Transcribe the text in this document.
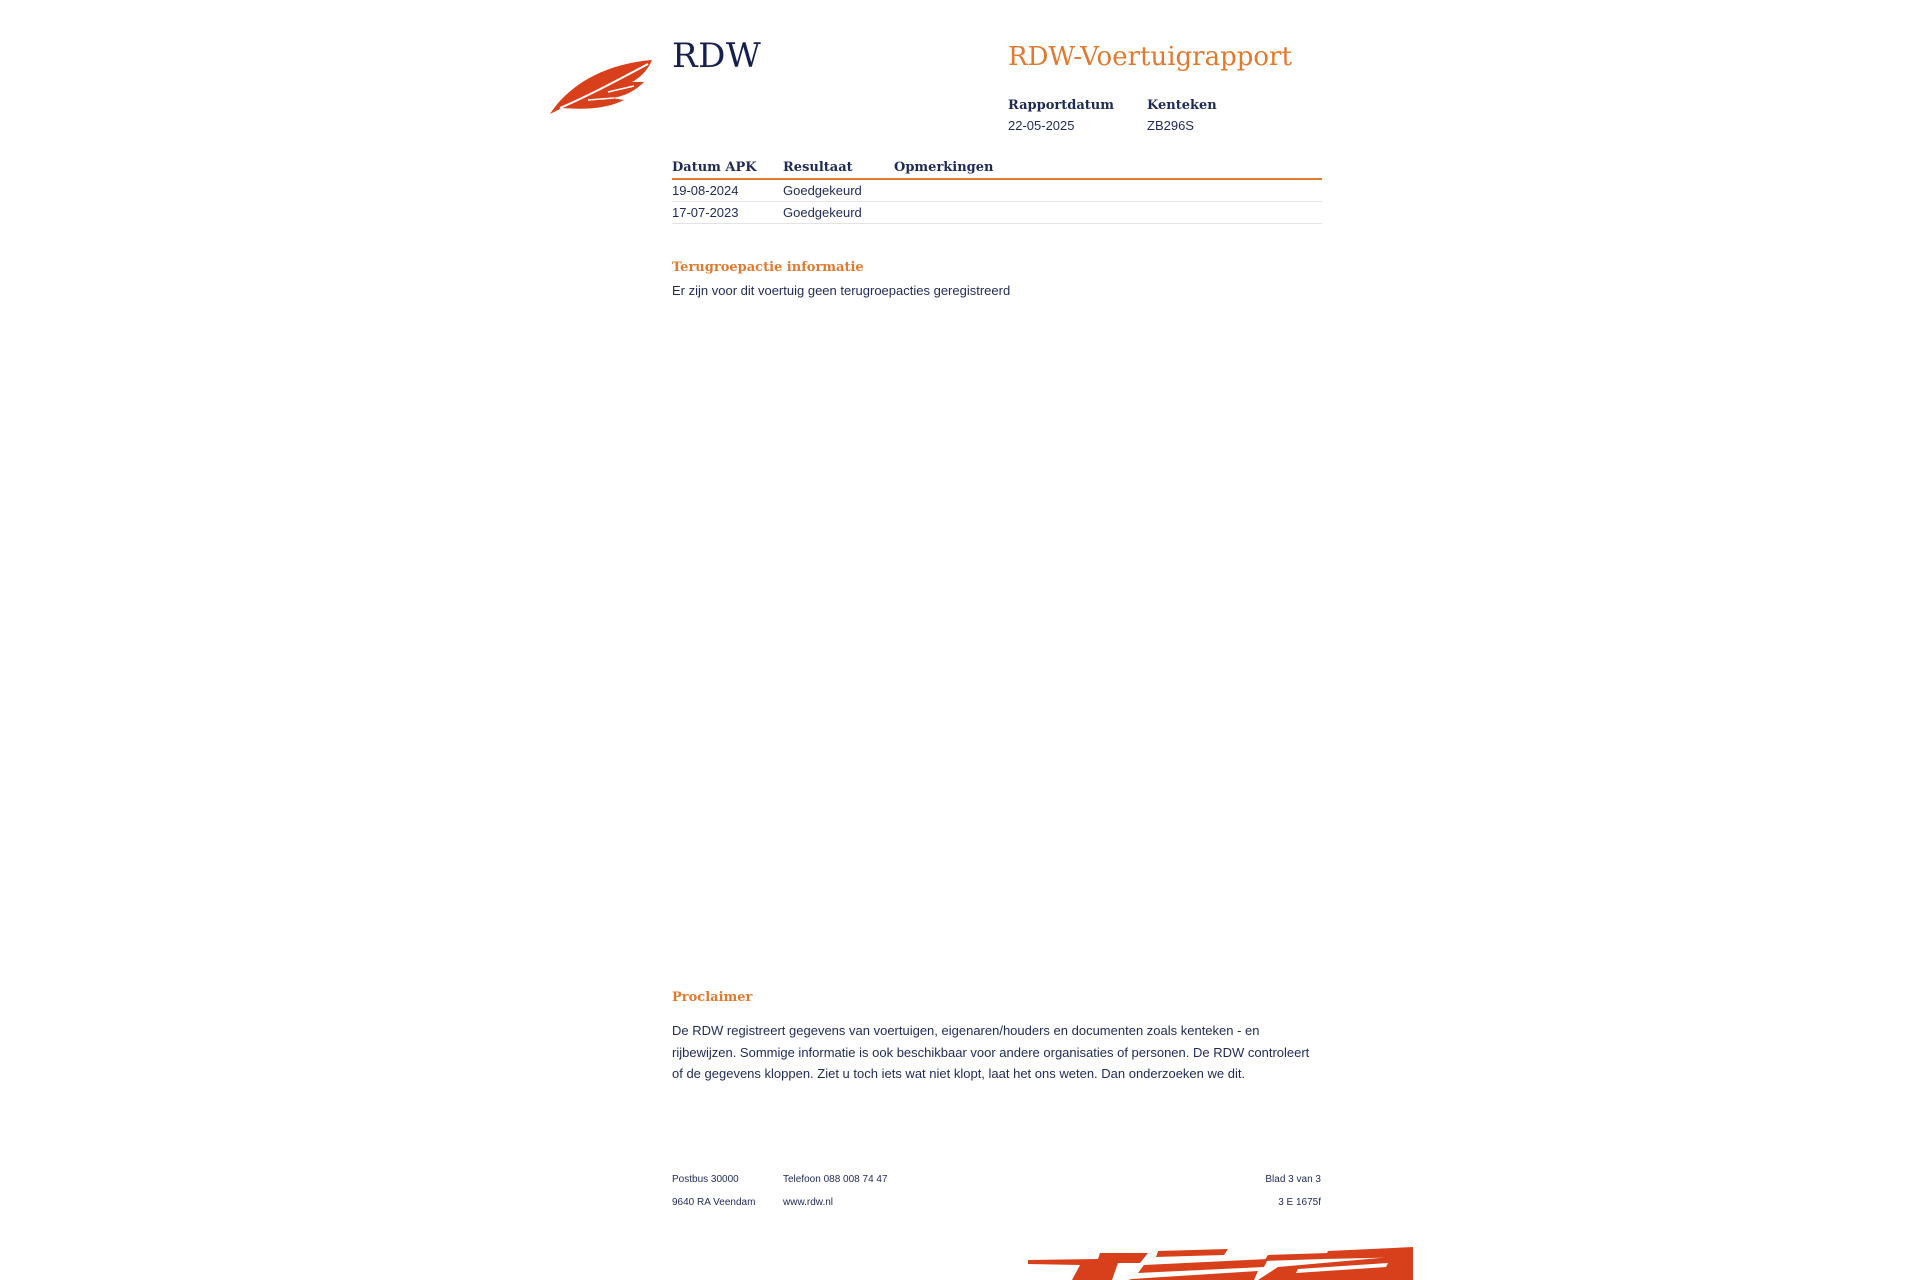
RDW	RDW-Voertuigrapport
Rapportdatum
22-05-2025
Kenteken
ZB296S
Datum APK	Resultaat	Opmerkingen
19-08-2024	Goedgekeurd	
17-07-2023	Goedgekeurd	
Terugroepactie informatie
Er zijn voor dit voertuig geen terugroepacties geregistreerd
Proclaimer
De RDW registreert gegevens van voertuigen, eigenaren/houders en documenten zoals kenteken - en rijbewijzen. Sommige informatie is ook beschikbaar voor andere organisaties of personen. De RDW controleert of de gegevens kloppen. Ziet u toch iets wat niet klopt, laat het ons weten. Dan onderzoeken we dit.
Postbus 30000
9640 RA Veendam
Telefoon 088 008 74 47
www.rdw.nl
Blad 3 van 3
3 E 1675f
